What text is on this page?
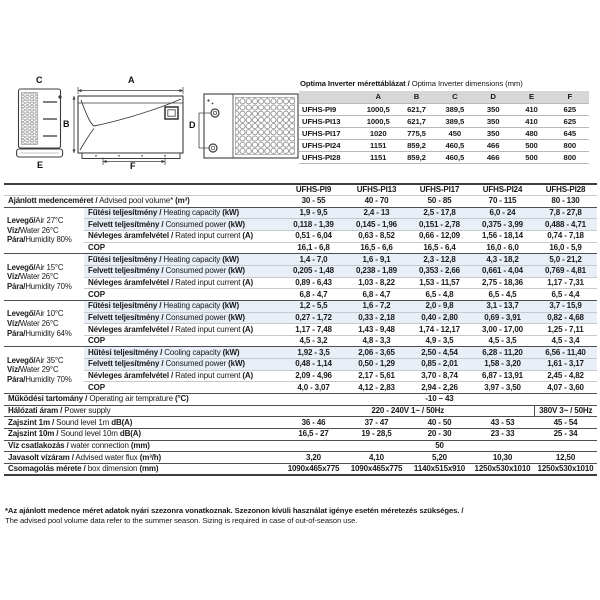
C
E
A
B
F
D
Optima Inverter mérettáblázat / Optima Inverter dimensions (mm)
	A	B	C	D	E	F
UFHS-PI9	1000,5	621,7	389,5	350	410	625
UFHS-PI13	1000,5	621,7	389,5	350	410	625
UFHS-PI17	1020	775,5	450	350	480	645
UFHS-PI24	1151	859,2	460,5	466	500	800
UFHS-PI28	1151	859,2	460,5	466	500	800
		UFHS-PI9	UFHS-PI13	UFHS-PI17	UFHS-PI24	UFHS-PI28
Ajánlott medenceméret / Advised pool volume* (m³)		30 - 55	40 - 70	50 - 85	70 - 115	80 - 130

Levegő/Air 27°C
Víz/Water 26°C
Pára/Humidity 80%	Fűtési teljesítmény / Heating capacity (kW)	1,9 - 9,5	2,4 - 13	2,5 - 17,8	6,0 - 24	7,8 - 27,8
	Felvett teljesítmény / Consumed power (kW)	0,118 - 1,39	0,145 - 1,96	0,151 - 2,78	0,375 - 3,99	0,488 - 4,71
	Névleges áramfelvétel / Rated input current (A)	0,51 - 6,04	0,63 - 8,52	0,66 - 12,09	1,56 - 18,14	0,74 - 7,18
	COP	16,1 - 6,8	16,5 - 6,6	16,5 - 6,4	16,0 - 6,0	16,0 - 5,9

Levegő/Air 15°C
Víz/Water 26°C
Pára/Humidity 70%	Fűtési teljesítmény / Heating capacity (kW)	1,4 - 7,0	1,6 - 9,1	2,3 - 12,8	4,3 - 18,2	5,0 - 21,2
	Felvett teljesítmény / Consumed power (kW)	0,205 - 1,48	0,238 - 1,89	0,353 - 2,66	0,661 - 4,04	0,769 - 4,81
	Névleges áramfelvétel / Rated input current (A)	0,89 - 6,43	1,03 - 8,22	1,53 - 11,57	2,75 - 18,36	1,17 - 7,31
	COP	6,8 - 4,7	6,8 - 4,7	6,5 - 4,8	6,5 - 4,5	6,5 - 4,4

Levegő/Air 10°C
Víz/Water 26°C
Pára/Humidity 64%	Fűtési teljesítmény / Heating capacity (kW)	1,2 - 5,5	1,6 - 7,2	2,0 - 9,8	3,1 - 13,7	3,7 - 15,9
	Felvett teljesítmény / Consumed power (kW)	0,27 - 1,72	0,33 - 2,18	0,40 - 2,80	0,69 - 3,91	0,82 - 4,68
	Névleges áramfelvétel / Rated input current (A)	1,17 - 7,48	1,43 - 9,48	1,74 - 12,17	3,00 - 17,00	1,25 - 7,11
	COP	4,5 - 3,2	4,8 - 3,3	4,9 - 3,5	4,5 - 3,5	4,5 - 3,4

Levegő/Air 35°C
Víz/Water 29°C
Pára/Humidity 70%	Hűtési teljesítmény / Cooling capacity (kW)	1,92 - 3,5	2,06 - 3,65	2,50 - 4,54	6,28 - 11,20	6,56 - 11,40
	Felvett teljesítmény / Consumed power (kW)	0,48 - 1,14	0,50 - 1,29	0,85 - 2,01	1,58 - 3,20	1,61 - 3,17
	Névleges áramfelvétel / Rated input current (A)	2,09 - 4,96	2,17 - 5,61	3,70 - 8,74	6,87 - 13,91	2,45 - 4,82
	COP	4,0 - 3,07	4,12 - 2,83	2,94 - 2,26	3,97 - 3,50	4,07 - 3,60
Működési tartomány / Operating air temprature (°C)		-10 – 43				
Hálózati áram / Power supply		220 - 240V 1~ / 50Hz				380V 3~ / 50Hz
Zajszint 1m / Sound level 1m dB(A)		36 - 46	37 - 47	40 - 50	43 - 53	45 - 54
Zajszint 10m / Sound level 10m dB(A)		16,5 - 27	19 - 28,5	20 - 30	23 - 33	25 - 34
Víz csatlakozás / water connection (mm)		50				
Javasolt vízáram / Advised water flux (m³/h)		3,20	4,10	5,20	10,30	12,50
Csomagolás mérete / box dimension (mm)		1090x465x775	1090x465x775	1140x515x910	1250x530x1010	1250x530x1010
*Az ajánlott medence méret adatok nyári szezonra vonatkoznak. Szezonon kívüli használat igénye esetén méretezés szükséges. /
The advised pool volume data refer to the summer season. Sizing is required in case of out-of-season use.
